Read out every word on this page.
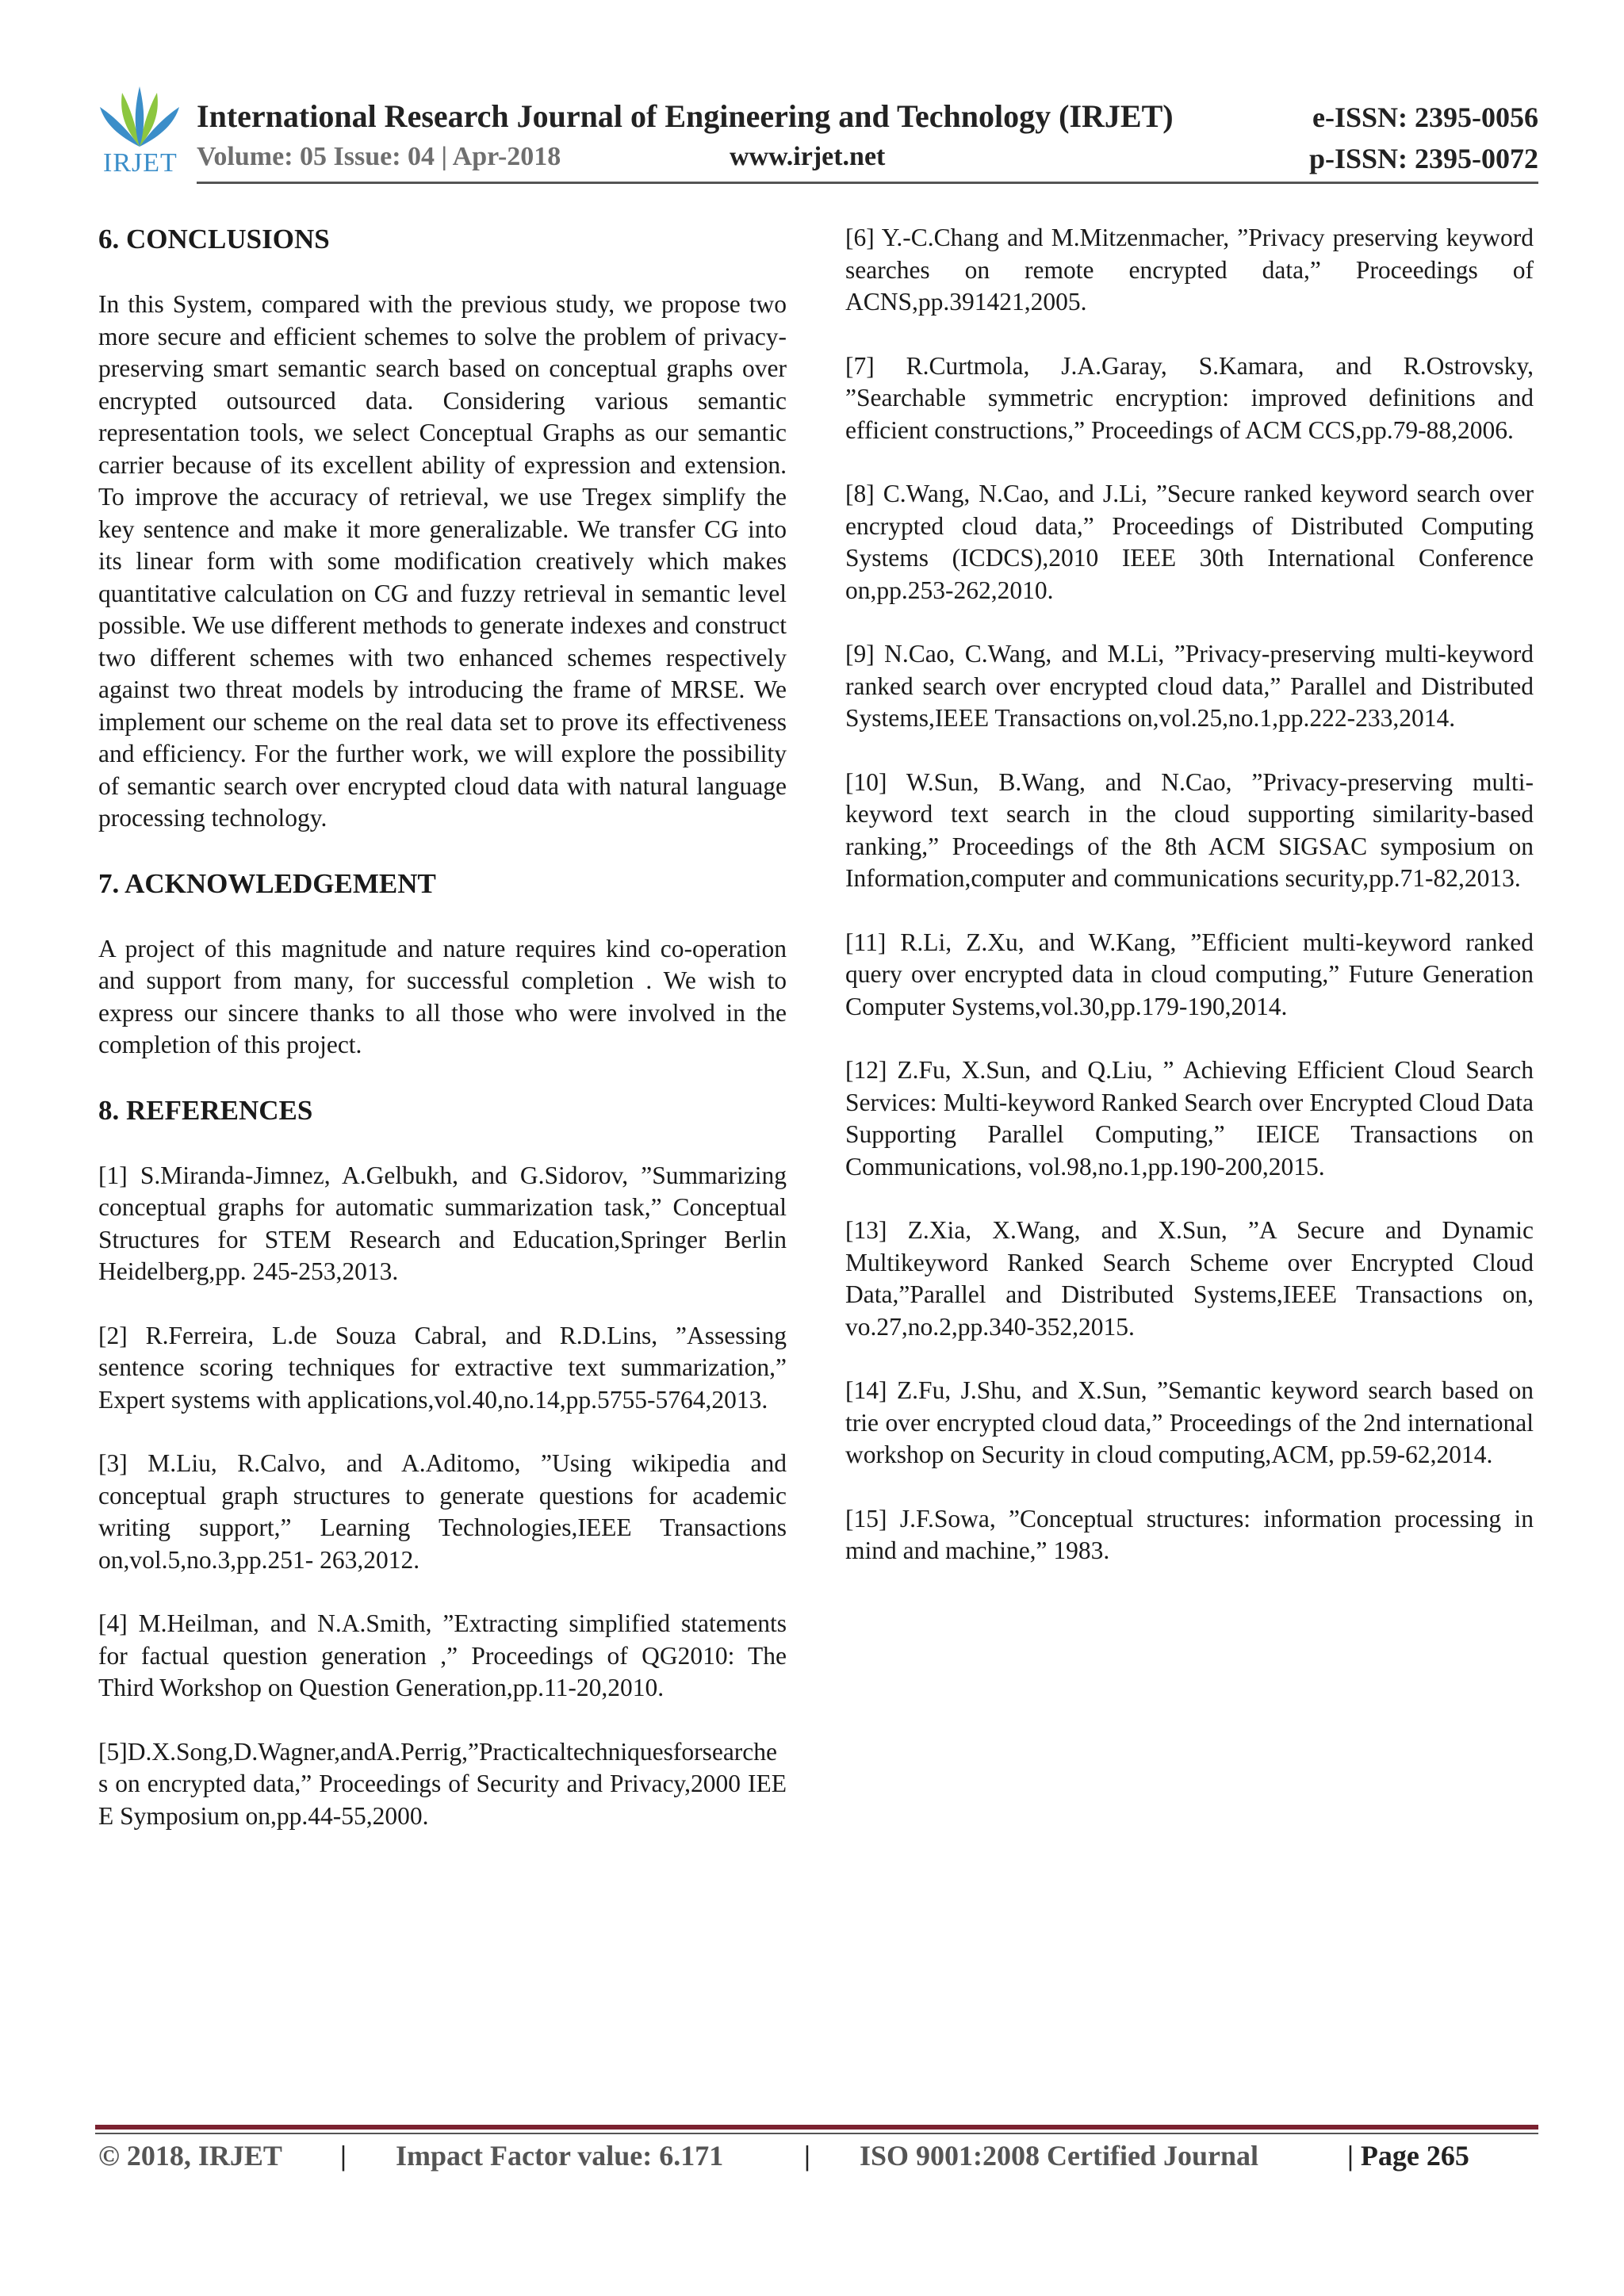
IRJET
International Research Journal of Engineering and Technology (IRJET)	e-ISSN: 2395-0056
Volume: 05 Issue: 04 | Apr-2018	www.irjet.net	p-ISSN: 2395-0072
6. CONCLUSIONS

In this System, compared with the previous study, we propose two more secure and efficient schemes to solve the problem of privacy-preserving smart semantic search based on conceptual graphs over encrypted outsourced data. Considering various semantic representation tools, we select Conceptual Graphs as our semantic carrier because of its excellent ability of expression and extension. To improve the accuracy of retrieval, we use Tregex simplify the key sentence and make it more generalizable. We transfer CG into its linear form with some modification creatively which makes quantitative calculation on CG and fuzzy retrieval in semantic level possible. We use different methods to generate indexes and construct two different schemes with two enhanced schemes respectively against two threat models by introducing the frame of MRSE. We implement our scheme on the real data set to prove its effectiveness and efficiency. For the further work, we will explore the possibility of semantic search over encrypted cloud data with natural language processing technology.

7. ACKNOWLEDGEMENT

A project of this magnitude and nature requires kind co-operation and support from many, for successful completion . We wish to express our sincere thanks to all those who were involved in the completion of this project.

8. REFERENCES
[1] S.Miranda-Jimnez, A.Gelbukh, and G.Sidorov, ”Summarizing conceptual graphs for automatic summarization task,” Conceptual Structures for STEM Research and Education,Springer Berlin Heidelberg,pp. 245-253,2013.
[2] R.Ferreira, L.de Souza Cabral, and R.D.Lins, ”Assessing sentence scoring techniques for extractive text summarization,” Expert systems with applications,vol.40,no.14,pp.5755-5764,2013.
[3] M.Liu, R.Calvo, and A.Aditomo, ”Using wikipedia and conceptual graph structures to generate questions for academic writing support,” Learning Technologies,IEEE Transactions on,vol.5,no.3,pp.251- 263,2012.
[4] M.Heilman, and N.A.Smith, ”Extracting simplified statements for factual question generation ,” Proceedings of QG2010: The Third Workshop on Question Generation,pp.11-20,2010.
[5]D.X.Song,D.Wagner,andA.Perrig,”Practicaltechniquesforsearches on encrypted data,” Proceedings of Security and Privacy,2000 IEEE Symposium on,pp.44-55,2000.
[6] Y.-C.Chang and M.Mitzenmacher, ”Privacy preserving keyword searches on remote encrypted data,” Proceedings of ACNS,pp.391421,2005.
[7] R.Curtmola, J.A.Garay, S.Kamara, and R.Ostrovsky, ”Searchable symmetric encryption: improved definitions and efficient constructions,” Proceedings of ACM CCS,pp.79-88,2006.
[8] C.Wang, N.Cao, and J.Li, ”Secure ranked keyword search over encrypted cloud data,” Proceedings of Distributed Computing Systems (ICDCS),2010 IEEE 30th International Conference on,pp.253-262,2010.
[9] N.Cao, C.Wang, and M.Li, ”Privacy-preserving multi-keyword ranked search over encrypted cloud data,” Parallel and Distributed Systems,IEEE Transactions on,vol.25,no.1,pp.222-233,2014.
[10] W.Sun, B.Wang, and N.Cao, ”Privacy-preserving multi-keyword text search in the cloud supporting similarity-based ranking,” Proceedings of the 8th ACM SIGSAC symposium on Information,computer and communications security,pp.71-82,2013.
[11] R.Li, Z.Xu, and W.Kang, ”Efficient multi-keyword ranked query over encrypted data in cloud computing,” Future Generation Computer Systems,vol.30,pp.179-190,2014.
[12] Z.Fu, X.Sun, and Q.Liu, ” Achieving Efficient Cloud Search Services: Multi-keyword Ranked Search over Encrypted Cloud Data Supporting Parallel Computing,” IEICE Transactions on Communications, vol.98,no.1,pp.190-200,2015.
[13] Z.Xia, X.Wang, and X.Sun, ”A Secure and Dynamic Multikeyword Ranked Search Scheme over Encrypted Cloud Data,”Parallel and Distributed Systems,IEEE Transactions on, vo.27,no.2,pp.340-352,2015.
[14] Z.Fu, J.Shu, and X.Sun, ”Semantic keyword search based on trie over encrypted cloud data,” Proceedings of the 2nd international workshop on Security in cloud computing,ACM, pp.59-62,2014.
[15] J.F.Sowa, ”Conceptual structures: information processing in mind and machine,” 1983.
© 2018, IRJET | Impact Factor value: 6.171	| ISO 9001:2008 Certified Journal	| Page 265
